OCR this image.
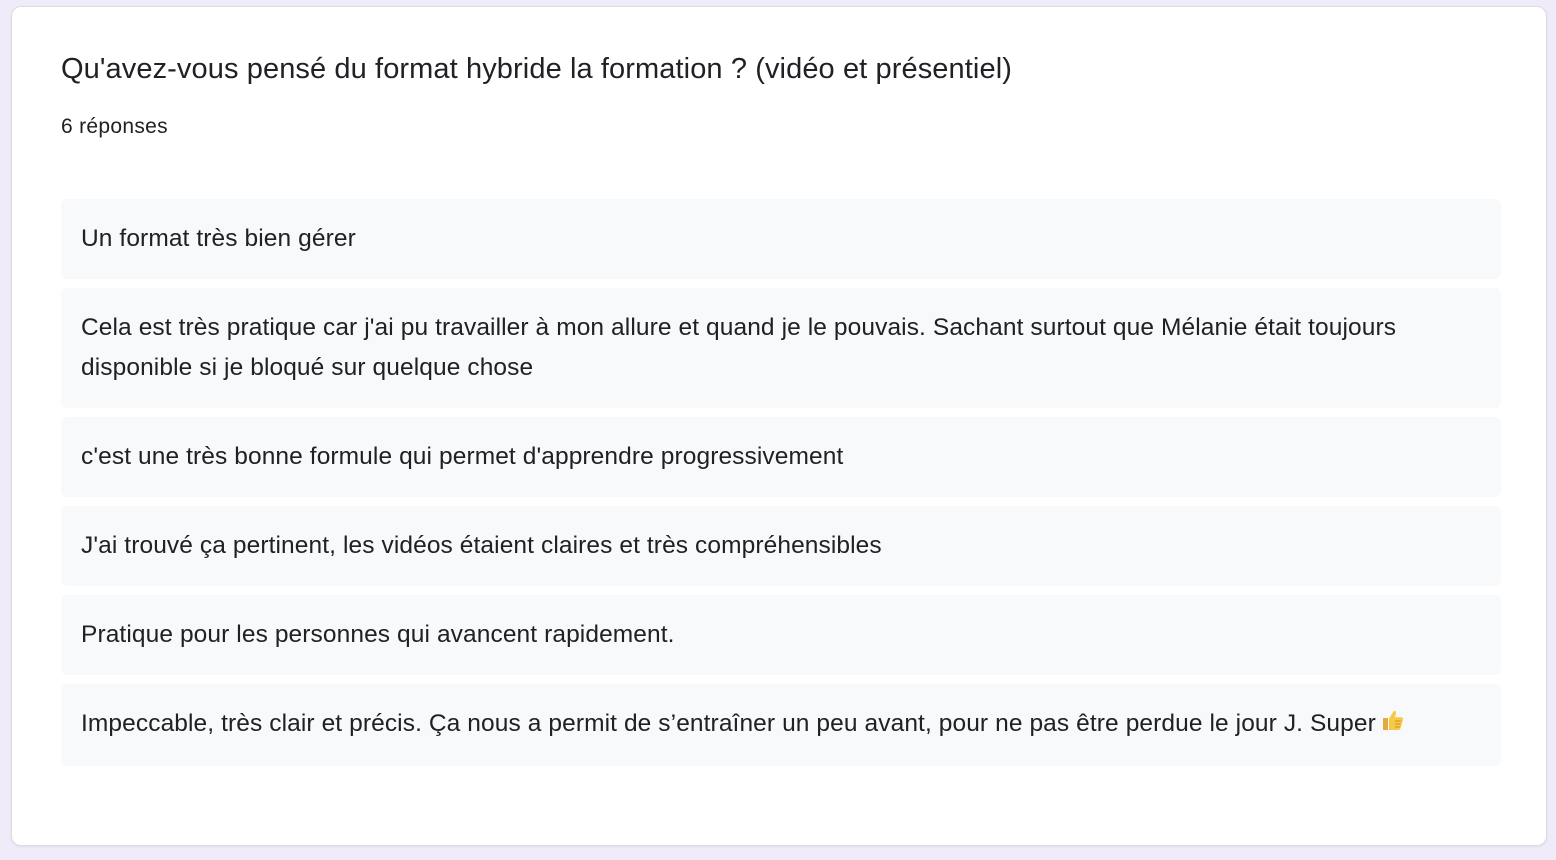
Qu'avez-vous pensé du format hybride la formation ? (vidéo et présentiel)
6 réponses
Un format très bien gérer
Cela est très pratique car j'ai pu travailler à mon allure et quand je le pouvais. Sachant surtout que Mélanie était toujours disponible si je bloqué sur quelque chose
c'est une très bonne formule qui permet d'apprendre progressivement
J'ai trouvé ça pertinent, les vidéos étaient claires et très compréhensibles
Pratique pour les personnes qui avancent rapidement.
Impeccable, très clair et précis. Ça nous a permit de s’entraîner un peu avant, pour ne pas être perdue le jour J. Super
